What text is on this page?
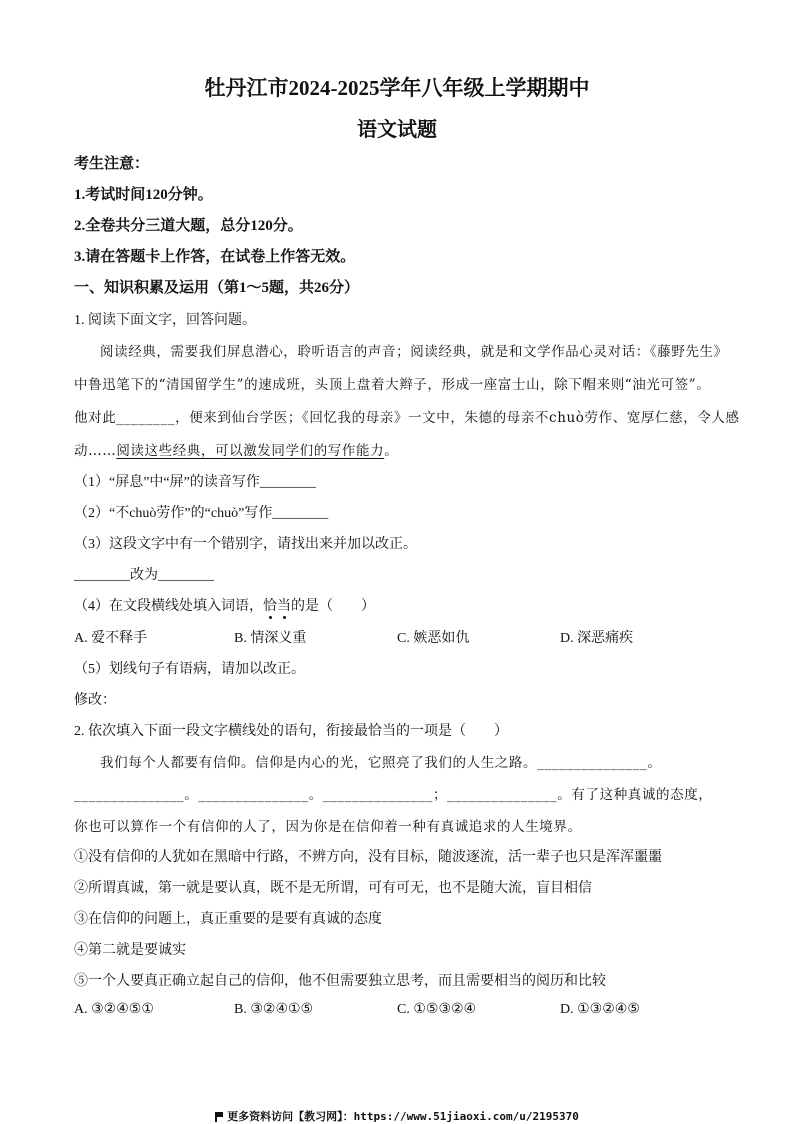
牡丹江市2024-2025学年八年级上学期期中
语文试题
考生注意：
1.考试时间120分钟。
2.全卷共分三道大题，总分120分。
3.请在答题卡上作答，在试卷上作答无效。
一、知识积累及运用（第1～5题，共26分）
1. 阅读下面文字，回答问题。
阅读经典，需要我们屏息潜心，聆听语言的声音；阅读经典，就是和文学作品心灵对话：《藤野先生》
中鲁迅笔下的“清国留学生”的速成班，头顶上盘着大辫子，形成一座富士山，除下帽来则“油光可签”。
他对此________，便来到仙台学医；《回忆我的母亲》一文中，朱德的母亲不chuò劳作、宽厚仁慈，令人感
动……阅读这些经典，可以激发同学们的写作能力。
（1）“屏息”中“屏”的读音写作________
（2）“不chuò劳作”的“chuò”写作________
（3）这段文字中有一个错别字，请找出来并加以改正。
________改为________
（4）在文段横线处填入词语，恰当的是（　　）
A. 爱不释手	B. 情深义重	C. 嫉恶如仇	D. 深恶痛疾
（5）划线句子有语病，请加以改正。
修改：
2. 依次填入下面一段文字横线处的语句，衔接最恰当的一项是（　　）
我们每个人都要有信仰。信仰是内心的光，它照亮了我们的人生之路。_______________。
_______________。_______________。_______________；_______________。有了这种真诚的态度，
你也可以算作一个有信仰的人了，因为你是在信仰着一种有真诚追求的人生境界。
①没有信仰的人犹如在黑暗中行路，不辨方向，没有目标，随波逐流，活一辈子也只是浑浑噩噩
②所谓真诚，第一就是要认真，既不是无所谓，可有可无，也不是随大流，盲目相信
③在信仰的问题上，真正重要的是要有真诚的态度
④第二就是要诚实
⑤一个人要真正确立起自己的信仰，他不但需要独立思考，而且需要相当的阅历和比较
A. ③②④⑤①	B. ③②④①⑤	C. ①⑤③②④	D. ①③②④⑤
更多资料访问【教习网】：https://www.51jiaoxi.com/u/2195370
